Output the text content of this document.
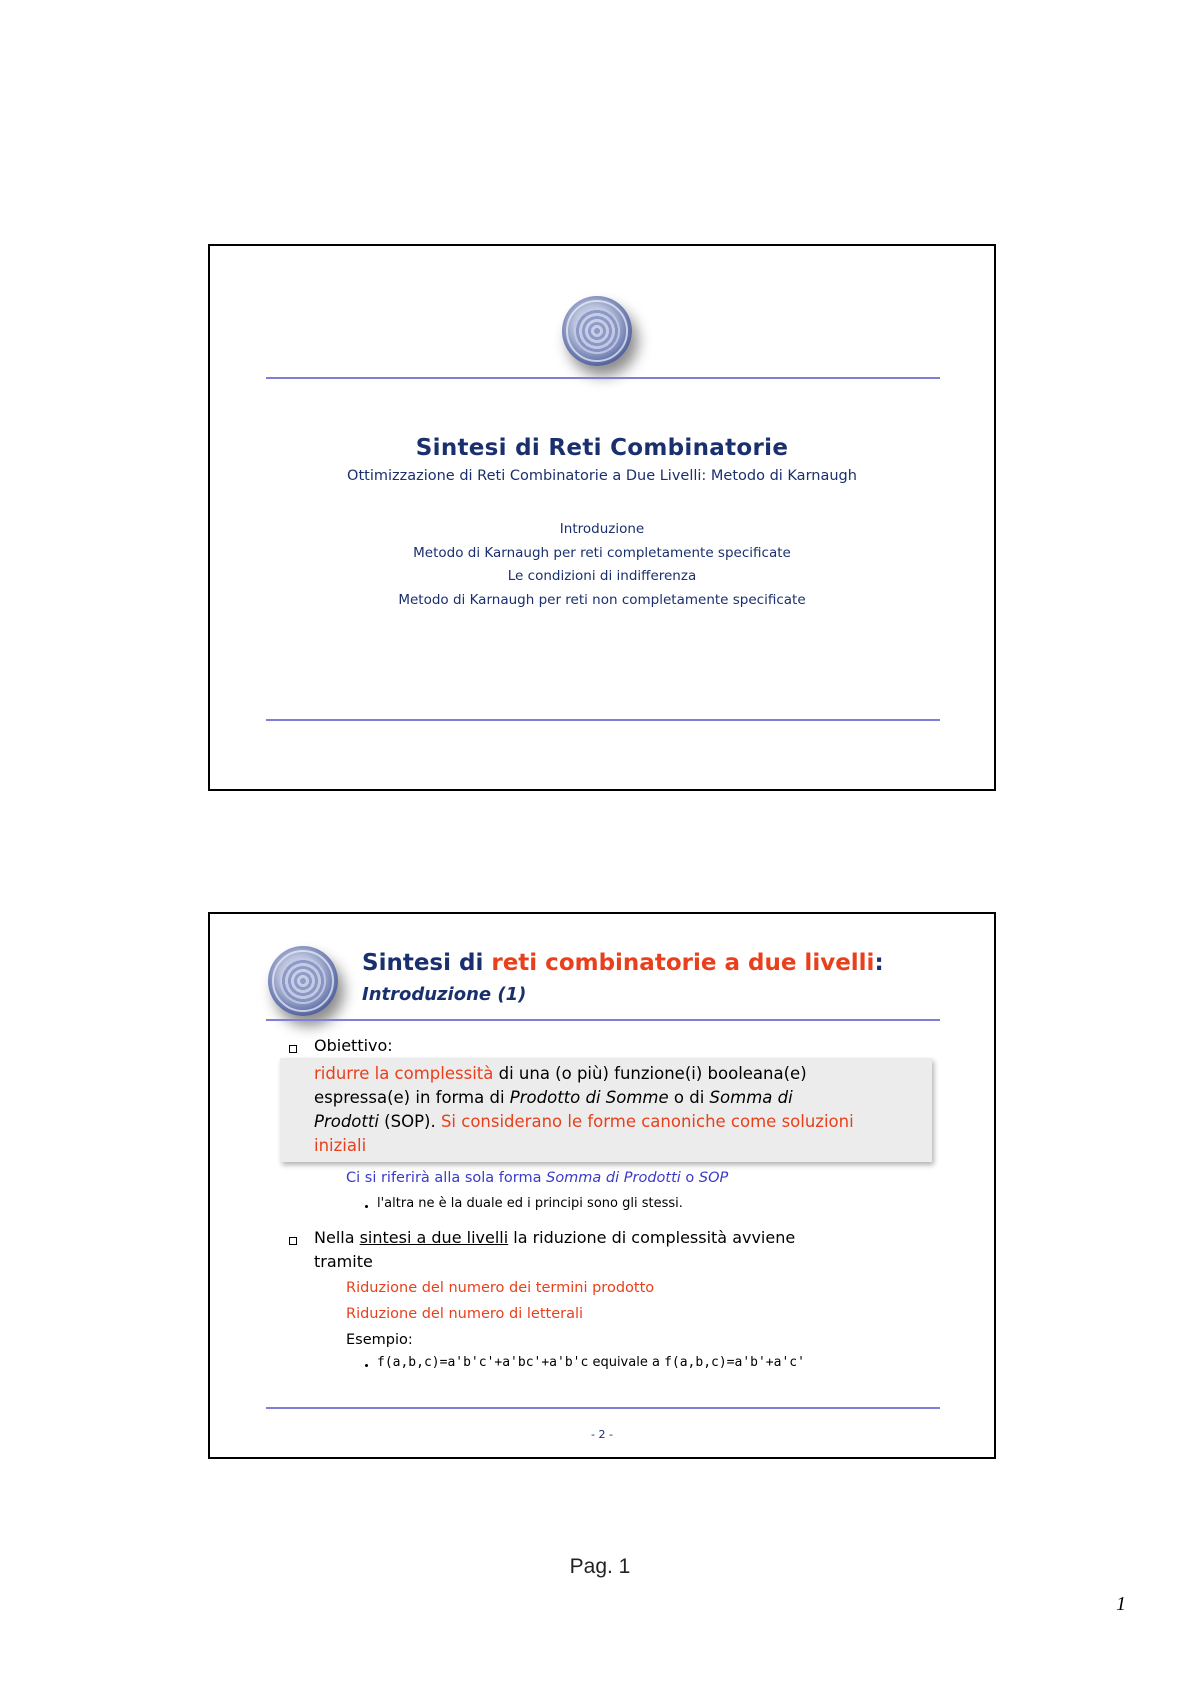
Sintesi di Reti Combinatorie
Ottimizzazione di Reti Combinatorie a Due Livelli: Metodo di Karnaugh
Introduzione
Metodo di Karnaugh per reti completamente specificate
Le condizioni di indifferenza
Metodo di Karnaugh per reti non completamente specificate
Sintesi di reti combinatorie a due livelli:
Introduzione (1)
Obiettivo:
ridurre la complessità di una (o più) funzione(i) booleana(e)
espressa(e) in forma di Prodotto di Somme o di Somma di
Prodotti (SOP). Si considerano le forme canoniche come soluzioni
iniziali
Ci si riferirà alla sola forma Somma di Prodotti o SOP
l'altra ne è la duale ed i principi sono gli stessi.
Nella sintesi a due livelli la riduzione di complessità avviene
tramite
Riduzione del numero dei termini prodotto
Riduzione del numero di letterali
Esempio:
f(a,b,c)=a'b'c'+a'bc'+a'b'c equivale a f(a,b,c)=a'b'+a'c'
- 2 -
Pag. 1
1
